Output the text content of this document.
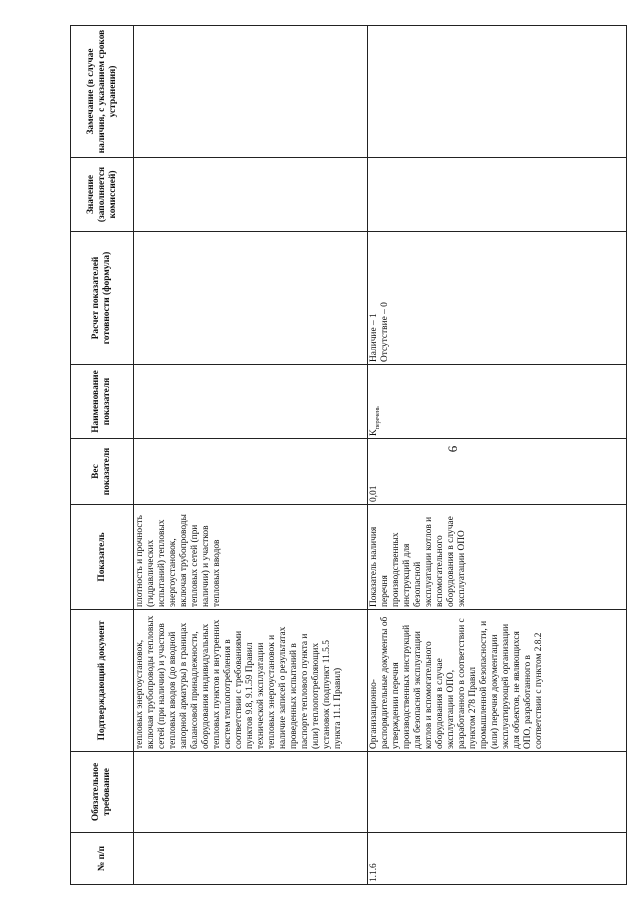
6
№ п/п	Обязательное требование	Подтверждающий документ	Показатель	Вес показателя	Наименование показателя	Расчет показателей готовности (формула)	Значение (заполняется комиссией)	Замечание (в случае наличия, с указанием сроков устранения)
		тепловых энергоустановок, включая трубопроводы тепловых сетей (при наличии) и участков тепловых вводов (до вводной запорной арматуры) в границах балансовой принадлежности, оборудования индивидуальных тепловых пунктов и внутренних систем теплопотребления в соответствии с требованиями пунктов 9.8, 9.1.59 Правил технической эксплуатации тепловых энергоустановок и наличие записей о результатах проведенных испытаний в паспорте теплового пункта и (или) теплопотребляющих установок (подпункт 11.5.5 пункта 11.1 Правил)	плотность и прочность (гидравлических испытаний) тепловых энергоустановок, включая трубопроводы тепловых сетей (при наличии) и участков тепловых вводов					
1.1.6		Организационно-распорядительные документы об утверждении перечня производственных инструкций для безопасной эксплуатации котлов и вспомогательного оборудования в случае эксплуатации ОПО, разработанного в соответствии с пунктом 278 Правил промышленной безопасности, и (или) перечня документации эксплуатирующей организации для объектов, не являющихся ОПО, разработанного в соответствии с пунктом 2.8.2	Показатель наличия перечня производственных инструкций для безопасной эксплуатации котлов и вспомогательного оборудования в случае эксплуатации ОПО	0,01	$K_{перечень}$	Наличие – 1 Отсутствие – 0		
